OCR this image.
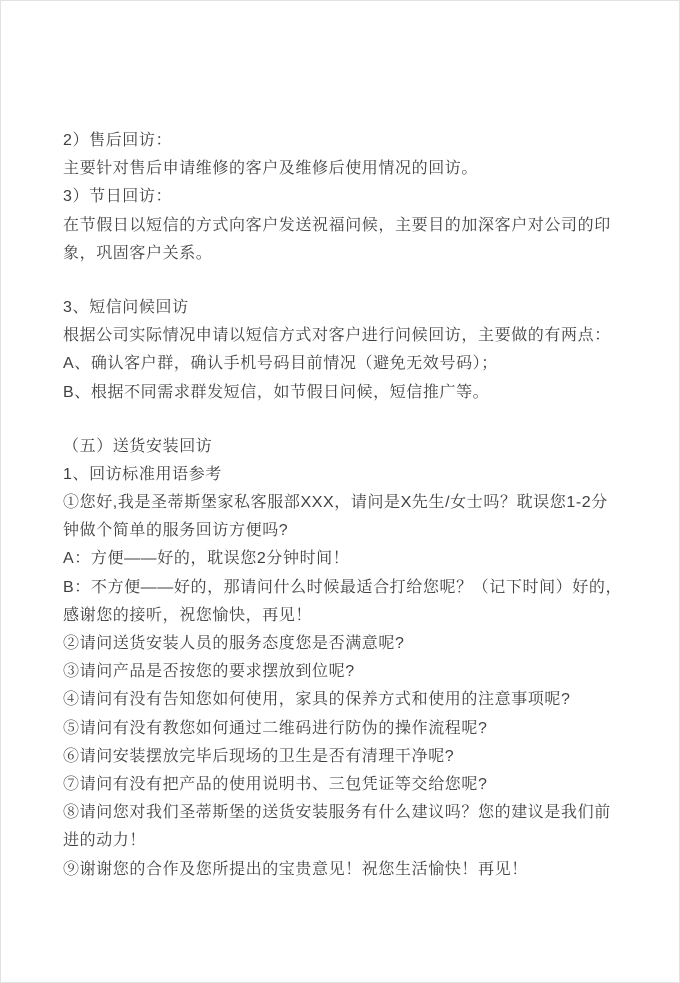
2）售后回访：
主要针对售后申请维修的客户及维修后使用情况的回访。
3）节日回访：
在节假日以短信的方式向客户发送祝福问候，主要目的加深客户对公司的印
象，巩固客户关系。
3、短信问候回访
根据公司实际情况申请以短信方式对客户进行问候回访，主要做的有两点：
A、确认客户群，确认手机号码目前情况（避免无效号码）；
B、根据不同需求群发短信，如节假日问候，短信推广等。
（五）送货安装回访
1、回访标准用语参考
①您好,我是圣蒂斯堡家私客服部XXX，请问是X先生/女士吗？耽误您1-2分
钟做个简单的服务回访方便吗?
A：方便——好的，耽误您2分钟时间！
B：不方便——好的，那请问什么时候最适合打给您呢？（记下时间）好的，
感谢您的接听，祝您愉快，再见！
②请问送货安装人员的服务态度您是否满意呢?
③请问产品是否按您的要求摆放到位呢?
④请问有没有告知您如何使用，家具的保养方式和使用的注意事项呢?
⑤请问有没有教您如何通过二维码进行防伪的操作流程呢?
⑥请问安装摆放完毕后现场的卫生是否有清理干净呢?
⑦请问有没有把产品的使用说明书、三包凭证等交给您呢?
⑧请问您对我们圣蒂斯堡的送货安装服务有什么建议吗？您的建议是我们前
进的动力！
⑨谢谢您的合作及您所提出的宝贵意见！祝您生活愉快！再见！
